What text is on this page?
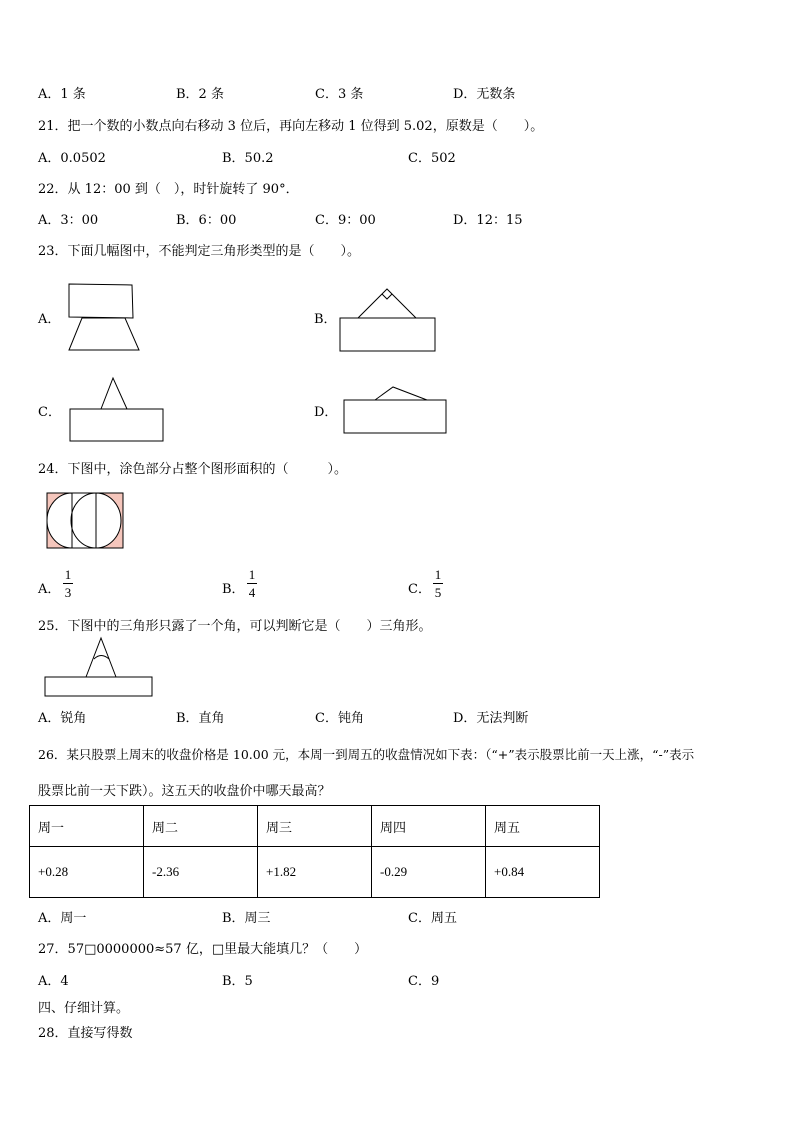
A．1 条	B．2 条	C．3 条	D．无数条
21．把一个数的小数点向右移动 3 位后，再向左移动 1 位得到 5.02，原数是（　　）。
A．0.0502	B．50.2	C．502
22．从 12：00 到（　），时针旋转了 90°．
A．3：00	B．6：00	C．9：00	D．12：15
23．下面几幅图中，不能判定三角形类型的是（　　）。
A．	B．
C．	D．
24．下图中，涂色部分占整个图形面积的（　　　）。
A．
1
3	B．
1
4	C．
1
5
25．下图中的三角形只露了一个角，可以判断它是（　　）三角形。
A．锐角	B．直角	C．钝角	D．无法判断
26．某只股票上周末的收盘价格是 10.00 元，本周一到周五的收盘情况如下表：（“+”表示股票比前一天上涨，“-”表示
股票比前一天下跌）。这五天的收盘价中哪天最高？
周一	周二	周三	周四	周五
+0.28	-2.36	+1.82	-0.29	+0.84
A．周一	B．周三	C．周五
27．57□0000000≈57 亿，□里最大能填几？（　　）
A．4	B．5	C．9
四、仔细计算。
28．直接写得数
